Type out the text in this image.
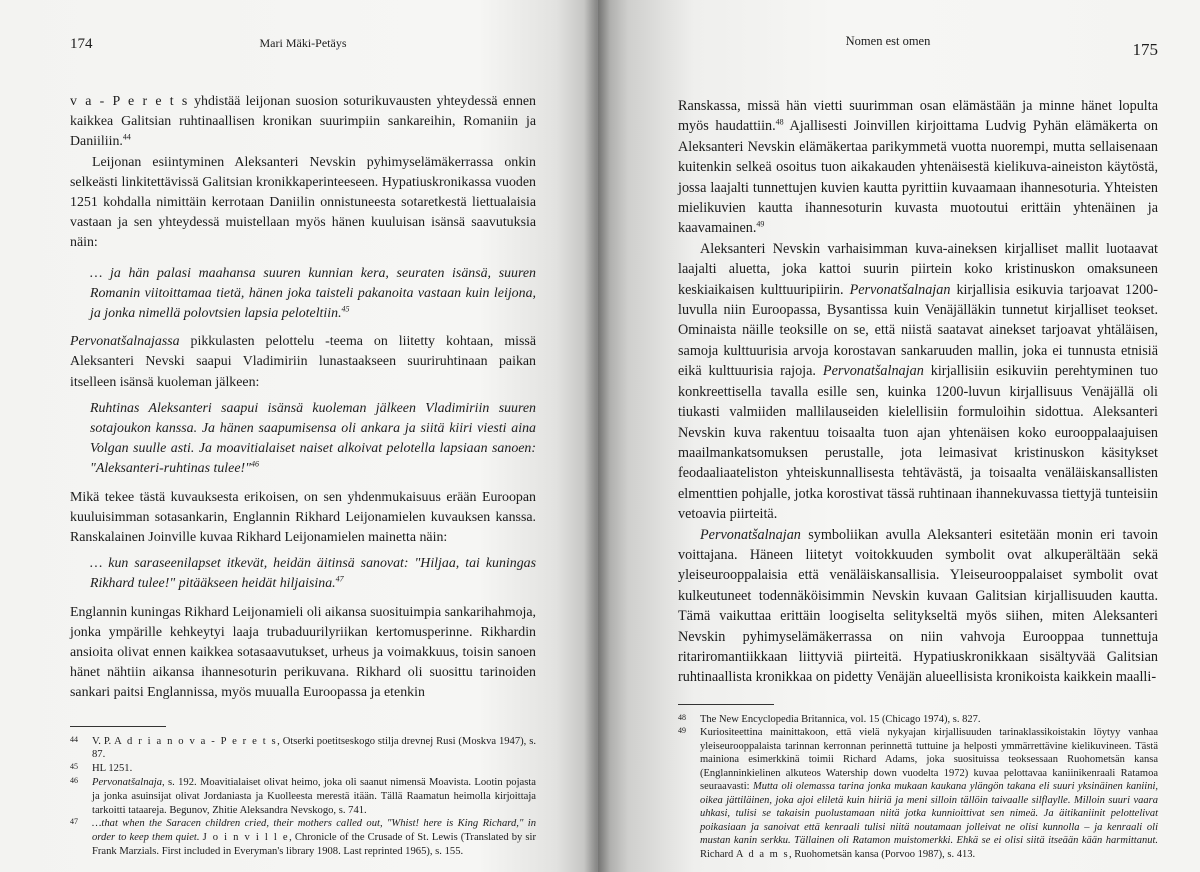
174	Mari Mäki-Petäys

v a - P e r e t s yhdistää leijonan suosion soturikuvausten yhteydessä ennen kaikkea Galitsian ruhtinaallisen kronikan suurimpiin sankareihin, Romaniin ja Daniiliin.$^{44}$

Leijonan esiintyminen Aleksanteri Nevskin pyhimyselämäkerrassa onkin selkeästi linkitettävissä Galitsian kronikkaperinteeseen. Hypatiuskronikassa vuoden 1251 kohdalla nimittäin kerrotaan Daniilin onnistuneesta sotaretkestä liettualaisia vastaan ja sen yhteydessä muistellaan myös hänen kuuluisan isänsä saavutuksia näin:

… ja hän palasi maahansa suuren kunnian kera, seuraten isänsä, suuren Romanin viitoittamaa tietä, hänen joka taisteli pakanoita vastaan kuin leijona, ja jonka nimellä polovtsien lapsia peloteltiin.$^{45}$

Pervonatšalnajassa pikkulasten pelottelu -teema on liitetty kohtaan, missä Aleksanteri Nevski saapui Vladimiriin lunastaakseen suuriruhtinaan paikan itselleen isänsä kuoleman jälkeen:

Ruhtinas Aleksanteri saapui isänsä kuoleman jälkeen Vladimiriin suuren sotajoukon kanssa. Ja hänen saapumisensa oli ankara ja siitä kiiri viesti aina Volgan suulle asti. Ja moavitialaiset naiset alkoivat pelotella lapsiaan sanoen: "Aleksanteri-ruhtinas tulee!"$^{46}$

Mikä tekee tästä kuvauksesta erikoisen, on sen yhdenmukaisuus erään Euroopan kuuluisimman sotasankarin, Englannin Rikhard Leijonamielen kuvauksen kanssa. Ranskalainen Joinville kuvaa Rikhard Leijonamielen mainetta näin:

… kun saraseenilapset itkevät, heidän äitinsä sanovat: "Hiljaa, tai kuningas Rikhard tulee!" pitääkseen heidät hiljaisina.$^{47}$

Englannin kuningas Rikhard Leijonamieli oli aikansa suosituimpia sankarihahmoja, jonka ympärille kehkeytyi laaja trubaduurilyriikan kertomusperinne. Rikhardin ansioita olivat ennen kaikkea sotasaavutukset, urheus ja voimakkuus, toisin sanoen hänet nähtiin aikansa ihannesoturin perikuvana. Rikhard oli suosittu tarinoiden sankari paitsi Englannissa, myös muualla Euroopassa ja etenkin

44 V. P. A d r i a n o v a - P e r e t s, Otserki poetitseskogo stilja drevnej Rusi (Moskva 1947), s. 87.
45 HL 1251.
46 Pervonatšalnaja, s. 192. Moavitialaiset olivat heimo, joka oli saanut nimensä Moavista. Lootin pojasta ja jonka asuinsijat olivat Jordaniasta ja Kuolleesta merestä itään. Tällä Raamatun heimolla kirjoittaja tarkoitti tataareja. Begunov, Zhitie Aleksandra Nevskogo, s. 741.
47 …that when the Saracen children cried, their mothers called out, "Whist! here is King Richard," in order to keep them quiet. J o i n v i l l e, Chronicle of the Crusade of St. Lewis (Translated by sir Frank Marzials. First included in Everyman's library 1908. Last reprinted 1965), s. 155.
Nomen est omen	175

Ranskassa, missä hän vietti suurimman osan elämästään ja minne hänet lopulta myös haudattiin.$^{48}$ Ajallisesti Joinvillen kirjoittama Ludvig Pyhän elämäkerta on Aleksanteri Nevskin elämäkertaa parikymmetä vuotta nuorempi, mutta sellaisenaan kuitenkin selkeä osoitus tuon aikakauden yhtenäisestä kielikuva-aineiston käytöstä, jossa laajalti tunnettujen kuvien kautta pyrittiin kuvaamaan ihannesoturia. Yhteisten mielikuvien kautta ihannesoturin kuvasta muotoutui erittäin yhtenäinen ja kaavamainen.$^{49}$

Aleksanteri Nevskin varhaisimman kuva-aineksen kirjalliset mallit luotaavat laajalti aluetta, joka kattoi suurin piirtein koko kristinuskon omaksuneen keskiaikaisen kulttuuripiirin. Pervonatšalnajan kirjallisia esikuvia tarjoavat 1200-luvulla niin Euroopassa, Bysantissa kuin Venäjälläkin tunnetut kirjalliset teokset. Ominaista näille teoksille on se, että niistä saatavat ainekset tarjoavat yhtäläisen, samoja kulttuurisia arvoja korostavan sankaruuden mallin, joka ei tunnusta etnisiä eikä kulttuurisia rajoja. Pervonatšalnajan kirjallisiin esikuviin perehtyminen tuo konkreettisella tavalla esille sen, kuinka 1200-luvun kirjallisuus Venäjällä oli tiukasti valmiiden mallilauseiden kielellisiin formuloihin sidottua. Aleksanteri Nevskin kuva rakentuu toisaalta tuon ajan yhtenäisen koko eurooppalaajuisen maailmankatsomuksen perustalle, jota leimasivat kristinuskon käsitykset feodaaliaateliston yhteiskunnallisesta tehtävästä, ja toisaalta venäläiskansallisten elmenttien pohjalle, jotka korostivat tässä ruhtinaan ihannekuvassa tiettyjä tunteisiin vetoavia piirteitä.

Pervonatšalnajan symboliikan avulla Aleksanteri esitetään monin eri tavoin voittajana. Häneen liitetyt voitokkuuden symbolit ovat alkuperältään sekä yleiseurooppalaisia että venäläiskansallisia. Yleiseurooppalaiset symbolit ovat kulkeutuneet todennäköisimmin Nevskin kuvaan Galitsian kirjallisuuden kautta. Tämä vaikuttaa erittäin loogiselta selitykseltä myös siihen, miten Aleksanteri Nevskin pyhimyselämäkerrassa on niin vahvoja Eurooppaa tunnettuja ritariromantiikkaan liittyviä piirteitä. Hypatiuskronikkaan sisältyvää Galitsian ruhtinaallista kronikkaa on pidetty Venäjän alueellisista kronikoista kaikkein maalli-

48 The New Encyclopedia Britannica, vol. 15 (Chicago 1974), s. 827.
49 Kuriositeettina mainittakoon, että vielä nykyajan kirjallisuuden tarinaklassikoistakin löytyy vanhaa yleiseurooppalaista tarinnan kerronnan perinnettä tuttuine ja helposti ymmärrettävine kielikuvineen. Tästä mainiona esimerkkinä toimii Richard Adams, joka suosituissa teoksessaan Ruohometsän kansa (Englanninkielinen alkuteos Watership down vuodelta 1972) kuvaa pelottavaa kaniinikenraali Ratamoa seuraavasti: Mutta oli olemassa tarina jonka mukaan kaukana ylängön takana eli suuri yksinäinen kaniini, oikea jättiläinen, joka ajoi eliletä kuin hiiriä ja meni silloin tällöin taivaalle silflaylle. Milloin suuri vaara uhkasi, tulisi se takaisin puolustamaan niitä jotka kunnioittivat sen nimeä. Ja äitikaniinit pelottelivat poikasiaan ja sanoivat että kenraali tulisi niitä noutamaan jolleivat ne olisi kunnolla – ja kenraali oli mustan kanin serkku. Tällainen oli Ratamon muistomerkki. Ehkä se ei olisi siitä itseään kään harmittanut. Richard A d a m s, Ruohometsän kansa (Porvoo 1987), s. 413.
